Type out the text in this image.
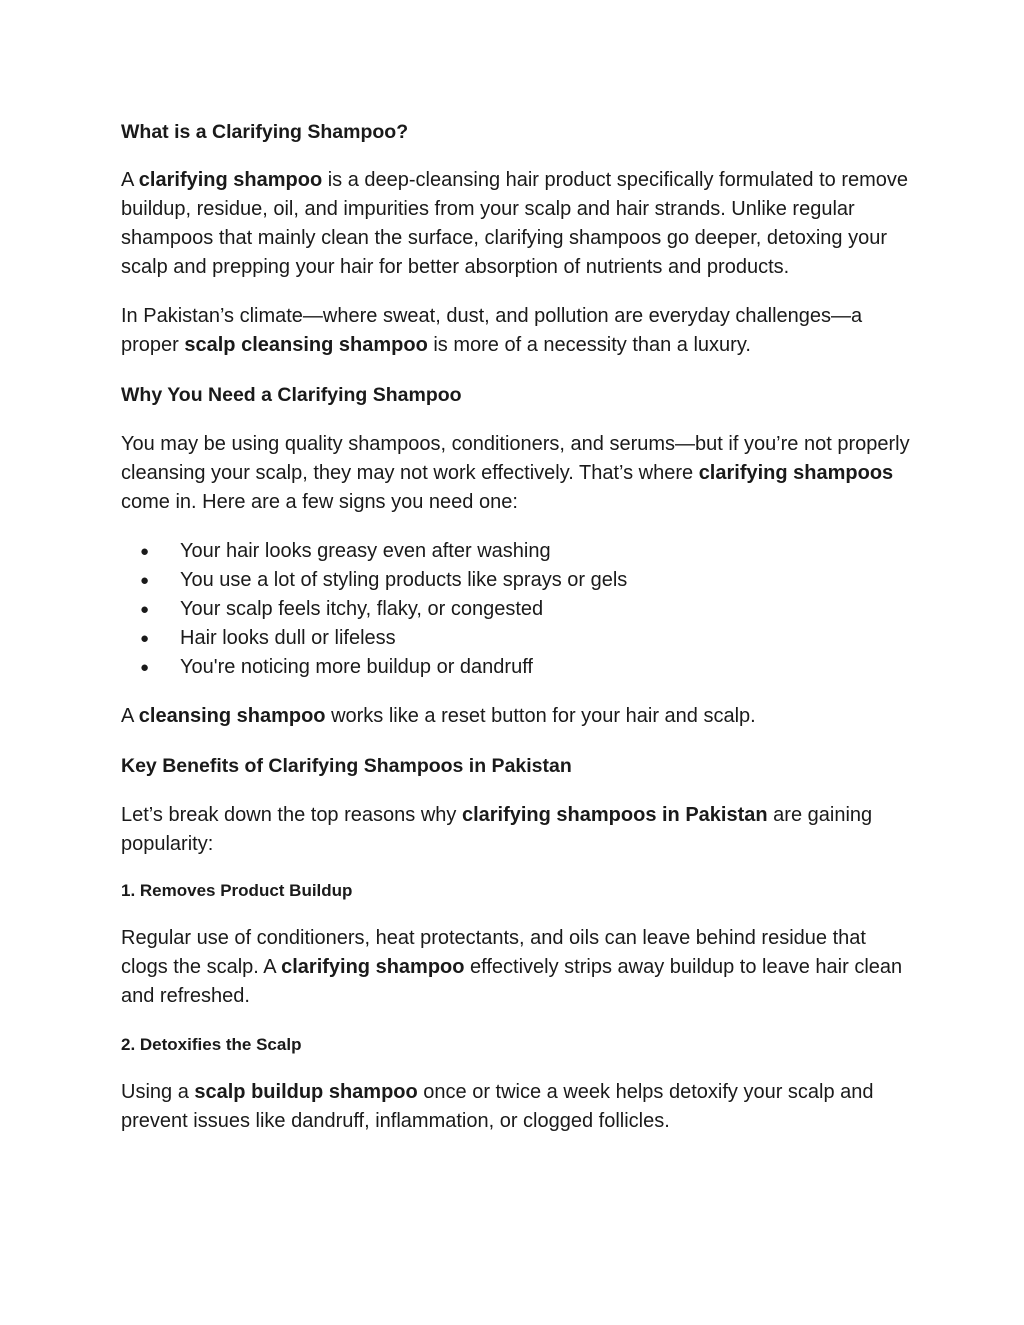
What is a Clarifying Shampoo?

A clarifying shampoo is a deep-cleansing hair product specifically formulated to remove buildup, residue, oil, and impurities from your scalp and hair strands. Unlike regular shampoos that mainly clean the surface, clarifying shampoos go deeper, detoxing your scalp and prepping your hair for better absorption of nutrients and products.

In Pakistan’s climate—where sweat, dust, and pollution are everyday challenges—a proper scalp cleansing shampoo is more of a necessity than a luxury.

Why You Need a Clarifying Shampoo

You may be using quality shampoos, conditioners, and serums—but if you’re not properly cleansing your scalp, they may not work effectively. That’s where clarifying shampoos come in. Here are a few signs you need one:

● Your hair looks greasy even after washing
● You use a lot of styling products like sprays or gels
● Your scalp feels itchy, flaky, or congested
● Hair looks dull or lifeless
● You're noticing more buildup or dandruff

A cleansing shampoo works like a reset button for your hair and scalp.

Key Benefits of Clarifying Shampoos in Pakistan

Let’s break down the top reasons why clarifying shampoos in Pakistan are gaining popularity:

1. Removes Product Buildup

Regular use of conditioners, heat protectants, and oils can leave behind residue that clogs the scalp. A clarifying shampoo effectively strips away buildup to leave hair clean and refreshed.

2. Detoxifies the Scalp

Using a scalp buildup shampoo once or twice a week helps detoxify your scalp and prevent issues like dandruff, inflammation, or clogged follicles.
